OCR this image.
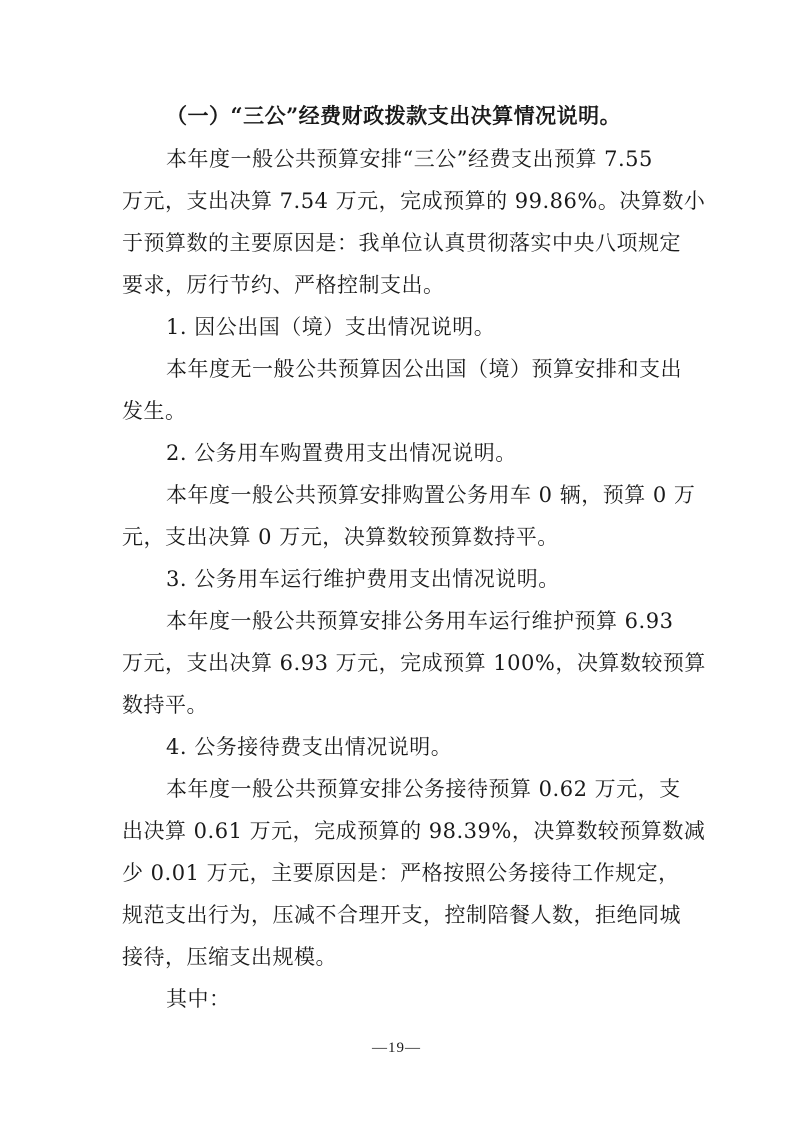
（一）“三公”经费财政拨款支出决算情况说明。
本年度一般公共预算安排“三公”经费支出预算 7.55
万元，支出决算 7.54 万元，完成预算的 99.86%。决算数小
于预算数的主要原因是：我单位认真贯彻落实中央八项规定
要求，厉行节约、严格控制支出。
1. 因公出国（境）支出情况说明。
本年度无一般公共预算因公出国（境）预算安排和支出
发生。
2. 公务用车购置费用支出情况说明。
本年度一般公共预算安排购置公务用车 0 辆，预算 0 万
元，支出决算 0 万元，决算数较预算数持平。
3. 公务用车运行维护费用支出情况说明。
本年度一般公共预算安排公务用车运行维护预算 6.93
万元，支出决算 6.93 万元，完成预算 100%，决算数较预算
数持平。
4. 公务接待费支出情况说明。
本年度一般公共预算安排公务接待预算 0.62 万元，支
出决算 0.61 万元，完成预算的 98.39%，决算数较预算数减
少 0.01 万元，主要原因是：严格按照公务接待工作规定，
规范支出行为，压减不合理开支，控制陪餐人数，拒绝同城
接待，压缩支出规模。
其中：
—19—
